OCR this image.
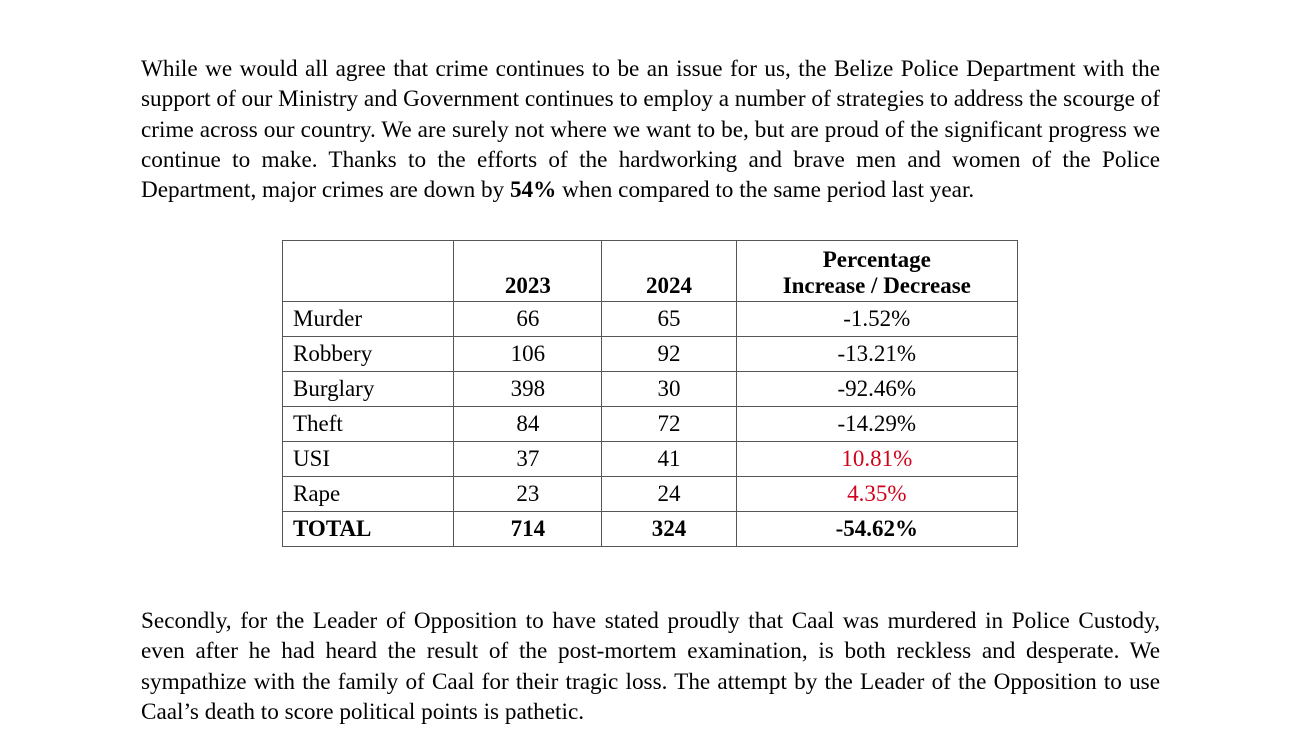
While we would all agree that crime continues to be an issue for us, the Belize Police Department with the support of our Ministry and Government continues to employ a number of strategies to address the scourge of crime across our country. We are surely not where we want to be, but are proud of the significant progress we continue to make. Thanks to the efforts of the hardworking and brave men and women of the Police Department, major crimes are down by 54% when compared to the same period last year.

	2023	2024	Percentage
Increase / Decrease

Murder	66	65	-1.52%
Robbery	106	92	-13.21%
Burglary	398	30	-92.46%
Theft	84	72	-14.29%
USI	37	41	10.81%
Rape	23	24	4.35%
TOTAL	714	324	-54.62%

Secondly, for the Leader of Opposition to have stated proudly that Caal was murdered in Police Custody, even after he had heard the result of the post-mortem examination, is both reckless and desperate. We sympathize with the family of Caal for their tragic loss. The attempt by the Leader of the Opposition to use Caal’s death to score political points is pathetic.
